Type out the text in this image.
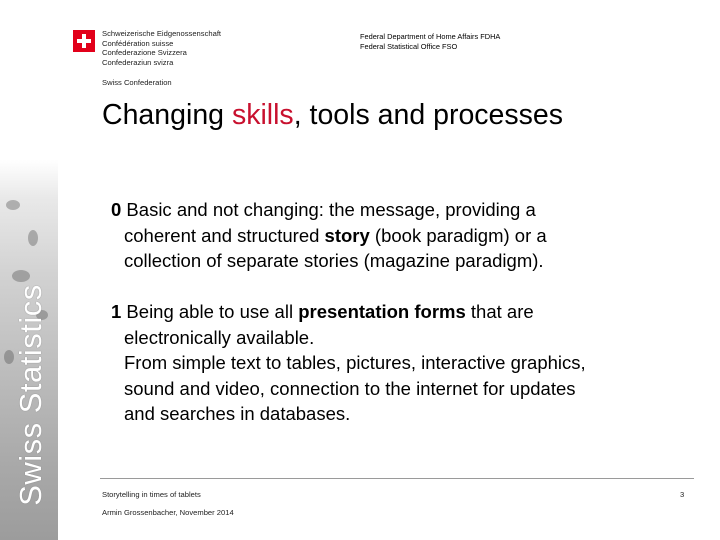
Swiss Statistics
Schweizerische Eidgenossenschaft
Confédération suisse
Confederazione Svizzera
Confederaziun svizra
Swiss Confederation
Federal Department of Home Affairs FDHA
Federal Statistical Office FSO
Changing skills, tools and processes
0 Basic and not changing: the message, providing a
coherent and structured story (book paradigm) or a
collection of separate stories (magazine paradigm).
1 Being able to use all presentation forms that are
electronically available.
From simple text to tables, pictures, interactive graphics,
sound and video, connection to the internet for updates
and searches in databases.
Storytelling in times of tablets
Armin Grossenbacher, November 2014
3
